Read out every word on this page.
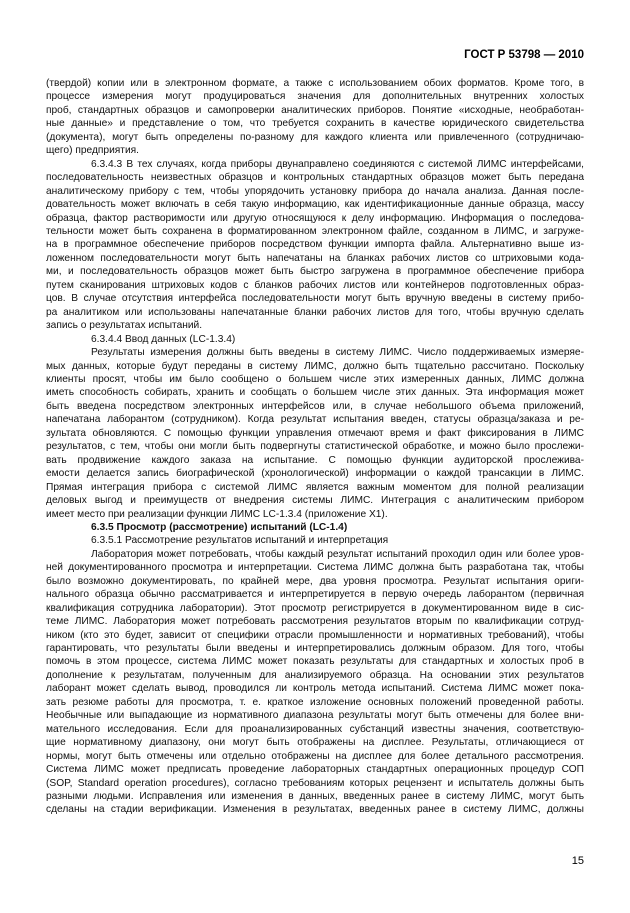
ГОСТ Р 53798 — 2010
(твердой) копии или в электронном формате, а также с использованием обоих форматов. Кроме того, в
процессе измерения могут продуцироваться значения для дополнительных внутренних холостых
проб, стандартных образцов и самопроверки аналитических приборов. Понятие «исходные, необработан-
ные данные» и представление о том, что требуется сохранить в качестве юридического свидетельства
(документа), могут быть определены по-разному для каждого клиента или привлеченного (сотрудничаю-
щего) предприятия.
6.3.4.3 В тех случаях, когда приборы двунаправлено соединяются с системой ЛИМС интерфейсами,
последовательность неизвестных образцов и контрольных стандартных образцов может быть передана
аналитическому прибору с тем, чтобы упорядочить установку прибора до начала анализа. Данная после-
довательность может включать в себя такую информацию, как идентификационные данные образца, массу
образца, фактор растворимости или другую относящуюся к делу информацию. Информация о последова-
тельности может быть сохранена в форматированном электронном файле, созданном в ЛИМС, и загруже-
на в программное обеспечение приборов посредством функции импорта файла. Альтернативно выше из-
ложенном последовательности могут быть напечатаны на бланках рабочих листов со штриховыми кода-
ми, и последовательность образцов может быть быстро загружена в программное обеспечение прибора
путем сканирования штриховых кодов с бланков рабочих листов или контейнеров подготовленных образ-
цов. В случае отсутствия интерфейса последовательности могут быть вручную введены в систему прибо-
ра аналитиком или использованы напечатанные бланки рабочих листов для того, чтобы вручную сделать
запись о результатах испытаний.
6.3.4.4 Ввод данных (LC-1.3.4)
Результаты измерения должны быть введены в систему ЛИМС. Число поддерживаемых измеряе-
мых данных, которые будут переданы в систему ЛИМС, должно быть тщательно рассчитано. Поскольку
клиенты просят, чтобы им было сообщено о большем числе этих измеренных данных, ЛИМС должна
иметь способность собирать, хранить и сообщать о большем числе этих данных. Эта информация может
быть введена посредством электронных интерфейсов или, в случае небольшого объема приложений,
напечатана лаборантом (сотрудником). Когда результат испытания введен, статусы образца/заказа и ре-
зультата обновляются. С помощью функции управления отмечают время и факт фиксирования в ЛИМС
результатов, с тем, чтобы они могли быть подвергнуты статистической обработке, и можно было прослежи-
вать продвижение каждого заказа на испытание. С помощью функции аудиторской прослежива-
емости делается запись биографической (хронологической) информации о каждой трансакции в ЛИМС.
Прямая интеграция прибора с системой ЛИМС является важным моментом для полной реализации
деловых выгод и преимуществ от внедрения системы ЛИМС. Интеграция с аналитическим прибором
имеет место при реализации функции ЛИМС LC-1.3.4 (приложение X1).
6.3.5 Просмотр (рассмотрение) испытаний (LC-1.4)
6.3.5.1 Рассмотрение результатов испытаний и интерпретация
Лаборатория может потребовать, чтобы каждый результат испытаний проходил один или более уров-
ней документированного просмотра и интерпретации. Система ЛИМС должна быть разработана так, чтобы
было возможно документировать, по крайней мере, два уровня просмотра. Результат испытания ориги-
нального образца обычно рассматривается и интерпретируется в первую очередь лаборантом (первичная
квалификация сотрудника лаборатории). Этот просмотр регистрируется в документированном виде в сис-
теме ЛИМС. Лаборатория может потребовать рассмотрения результатов вторым по квалификации сотруд-
ником (кто это будет, зависит от специфики отрасли промышленности и нормативных требований), чтобы
гарантировать, что результаты были введены и интерпретировались должным образом. Для того, чтобы
помочь в этом процессе, система ЛИМС может показать результаты для стандартных и холостых проб в
дополнение к результатам, полученным для анализируемого образца. На основании этих результатов
лаборант может сделать вывод, проводился ли контроль метода испытаний. Система ЛИМС может пока-
зать резюме работы для просмотра, т. е. краткое изложение основных положений проведенной работы.
Необычные или выпадающие из нормативного диапазона результаты могут быть отмечены для более вни-
мательного исследования. Если для проанализированных субстанций известны значения, соответствую-
щие нормативному диапазону, они могут быть отображены на дисплее. Результаты, отличающиеся от
нормы, могут быть отмечены или отдельно отображены на дисплее для более детального рассмотрения.
Система ЛИМС может предписать проведение лабораторных стандартных операционных процедур СОП
(SOP, Standard operation procedures), согласно требованиям которых рецензент и испытатель должны быть
разными людьми. Исправления или изменения в данных, введенных ранее в систему ЛИМС, могут быть
сделаны на стадии верификации. Изменения в результатах, введенных ранее в систему ЛИМС, должны
15
